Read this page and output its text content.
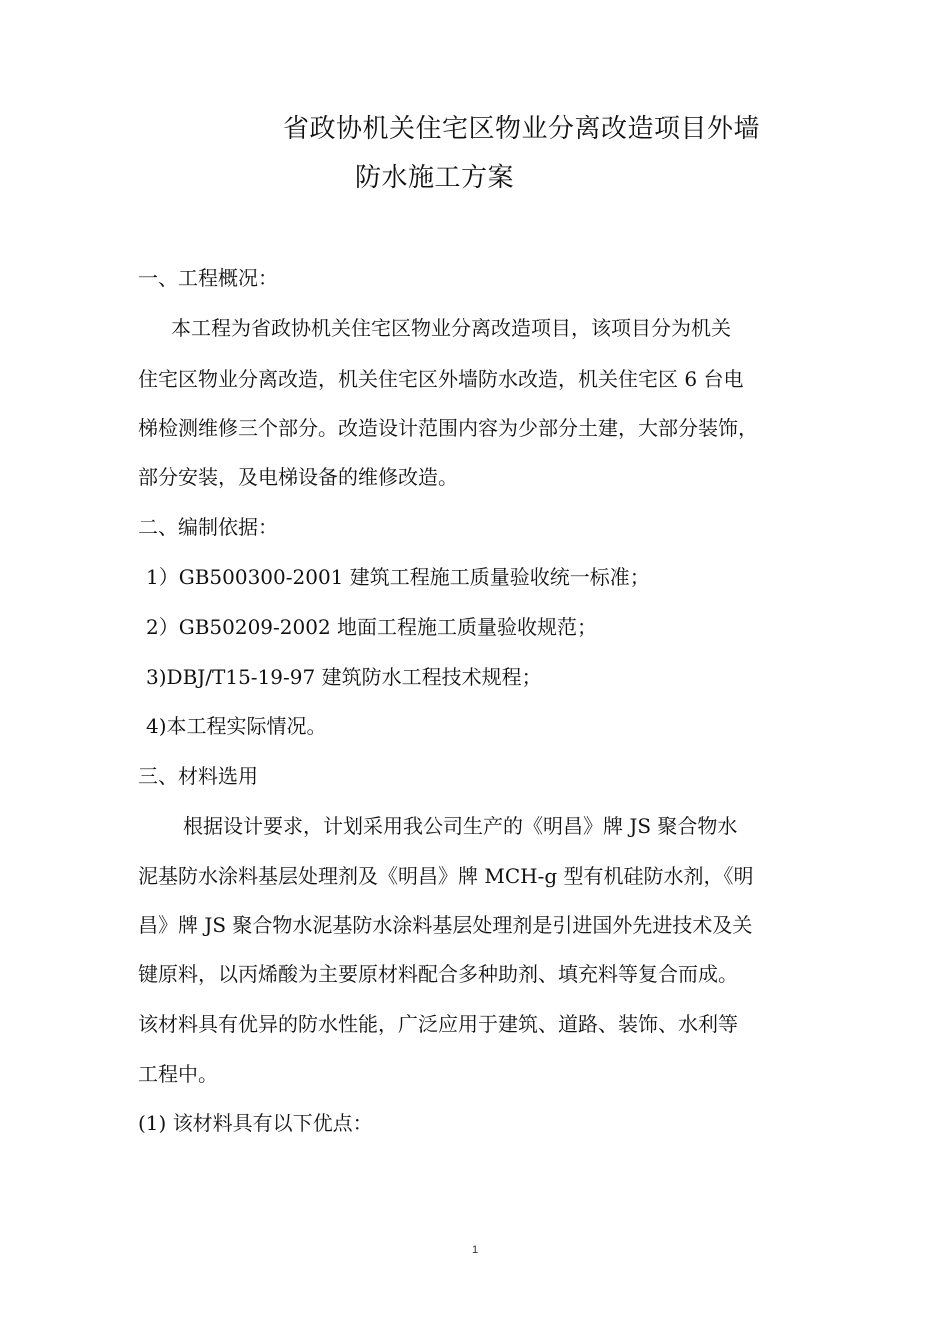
省政协机关住宅区物业分离改造项目外墙
防水施工方案
一、工程概况：
本工程为省政协机关住宅区物业分离改造项目，该项目分为机关
住宅区物业分离改造，机关住宅区外墙防水改造，机关住宅区 6 台电
梯检测维修三个部分。改造设计范围内容为少部分土建，大部分装饰，
部分安装，及电梯设备的维修改造。
二、编制依据：
1）GB500300-2001 建筑工程施工质量验收统一标准；
2）GB50209-2002 地面工程施工质量验收规范；
3)DBJ/T15-19-97 建筑防水工程技术规程；
4)本工程实际情况。
三、材料选用
根据设计要求，计划采用我公司生产的《明昌》牌 JS 聚合物水
泥基防水涂料基层处理剂及《明昌》牌 MCH-g 型有机硅防水剂，《明
昌》牌 JS 聚合物水泥基防水涂料基层处理剂是引进国外先进技术及关
键原料，以丙烯酸为主要原材料配合多种助剂、填充料等复合而成。
该材料具有优异的防水性能，广泛应用于建筑、道路、装饰、水利等
工程中。
(1) 该材料具有以下优点：
1
